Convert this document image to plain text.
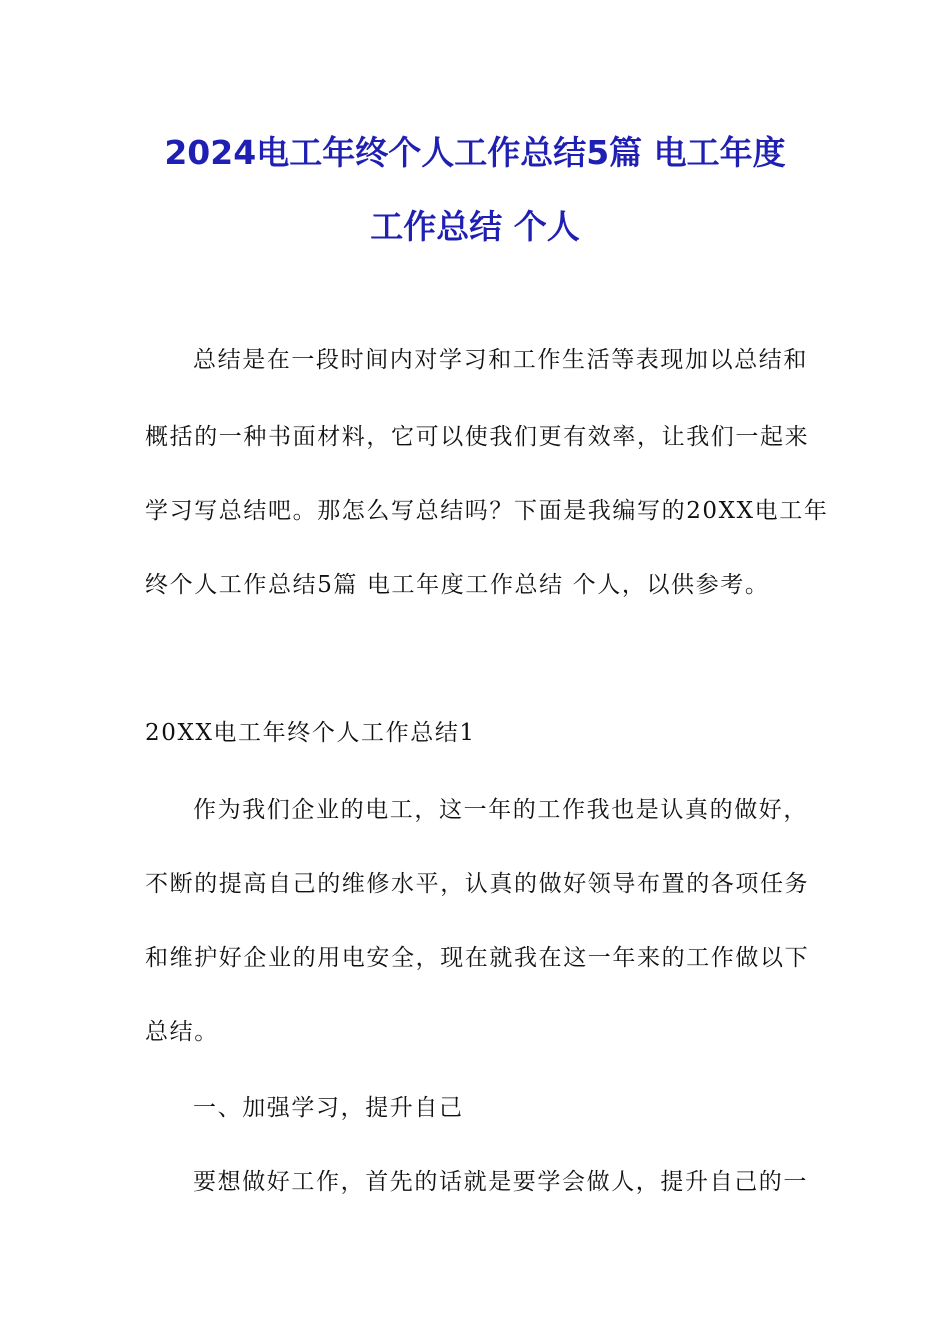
2024电工年终个人工作总结5篇 电工年度
工作总结 个人
总结是在一段时间内对学习和工作生活等表现加以总结和
概括的一种书面材料，它可以使我们更有效率，让我们一起来
学习写总结吧。那怎么写总结吗？下面是我编写的20XX电工年
终个人工作总结5篇 电工年度工作总结 个人，以供参考。
20XX电工年终个人工作总结1
作为我们企业的电工，这一年的工作我也是认真的做好，
不断的提高自己的维修水平，认真的做好领导布置的各项任务
和维护好企业的用电安全，现在就我在这一年来的工作做以下
总结。
一、加强学习，提升自己
要想做好工作，首先的话就是要学会做人，提升自己的一
